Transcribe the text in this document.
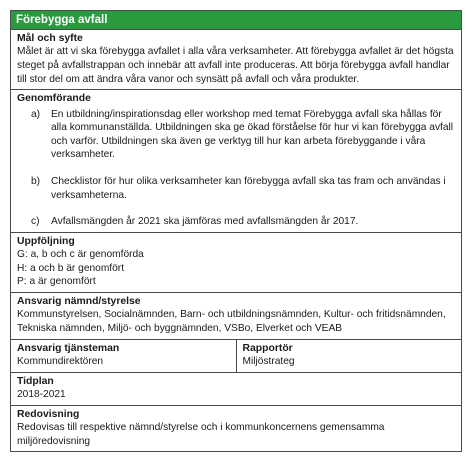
Förebygga avfall
Mål och syfte
Målet är att vi ska förebygga avfallet i alla våra verksamheter. Att förebygga avfallet är det högsta steget på avfallstrappan och innebär att avfall inte produceras. Att börja förebygga avfall handlar till stor del om att ändra våra vanor och synsätt på avfall och våra produkter.
Genomförande
a)	En utbildning/inspirationsdag eller workshop med temat Förebygga avfall ska hållas för alla kommunanställda. Utbildningen ska ge ökad förståelse för hur vi kan förebygga avfall och varför. Utbildningen ska även ge verktyg till hur kan arbeta förebyggande i våra verksamheter.
b)	Checklistor för hur olika verksamheter kan förebygga avfall ska tas fram och användas i verksamheterna.
c)	Avfallsmängden år 2021 ska jämföras med avfallsmängden år 2017.
Uppföljning
G: a, b och c är genomförda
H: a och b är genomfört
P: a är genomfört
Ansvarig nämnd/styrelse
Kommunstyrelsen, Socialnämnden, Barn- och utbildningsnämnden, Kultur- och fritidsnämnden, Tekniska nämnden, Miljö- och byggnämnden, VSBo, Elverket och VEAB
Ansvarig tjänsteman
Kommundirektören
Rapportör
Miljöstrateg
Tidplan
2018-2021
Redovisning
Redovisas till respektive nämnd/styrelse och i kommunkoncernens gemensamma miljöredovisning
